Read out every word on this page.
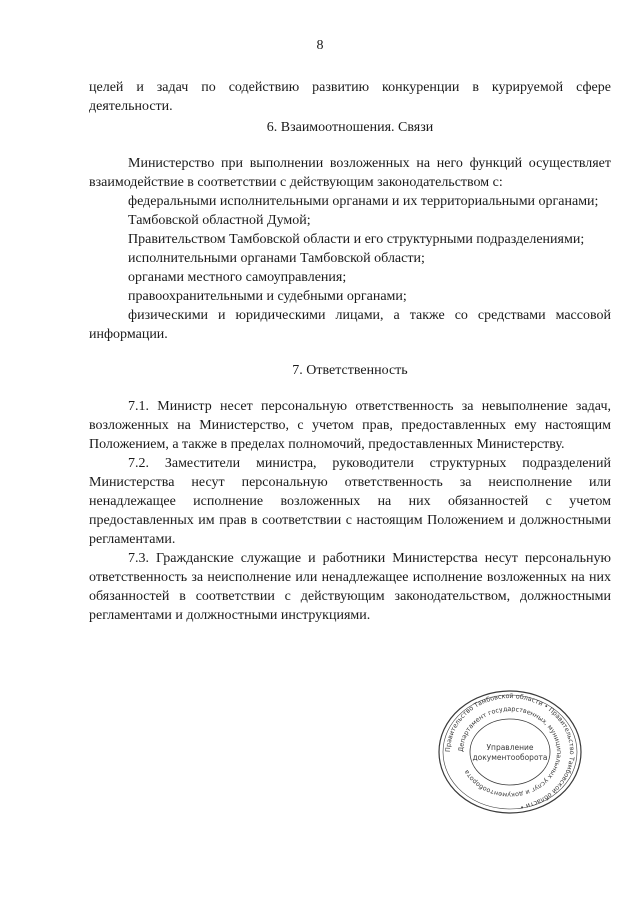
8

целей и задач по содействию развитию конкуренции в курируемой сфере деятельности.

6. Взаимоотношения. Связи

Министерство при выполнении возложенных на него функций осуществляет взаимодействие в соответствии с действующим законодательством с:

федеральными исполнительными органами и их территориальными органами;

Тамбовской областной Думой;

Правительством Тамбовской области и его структурными подразделениями;

исполнительными органами Тамбовской области;

органами местного самоуправления;

правоохранительными и судебными органами;

физическими и юридическими лицами, а также со средствами массовой информации.

7. Ответственность

7.1. Министр несет персональную ответственность за невыполнение задач, возложенных на Министерство, с учетом прав, предоставленных ему настоящим Положением, а также в пределах полномочий, предоставленных Министерству.

7.2. Заместители министра, руководители структурных подразделений Министерства несут персональную ответственность за неисполнение или ненадлежащее исполнение возложенных на них обязанностей с учетом предоставленных им прав в соответствии с настоящим Положением и должностными регламентами.

7.3. Гражданские служащие и работники Министерства несут персональную ответственность за неисполнение или ненадлежащее исполнение возложенных на них обязанностей в соответствии с действующим законодательством, должностными регламентами и должностными инструкциями.

Правительство Тамбовской области • Правительство Тамбовской области •
Департамент государственных, муниципальных услуг и документооборота
Управление
документооборота
